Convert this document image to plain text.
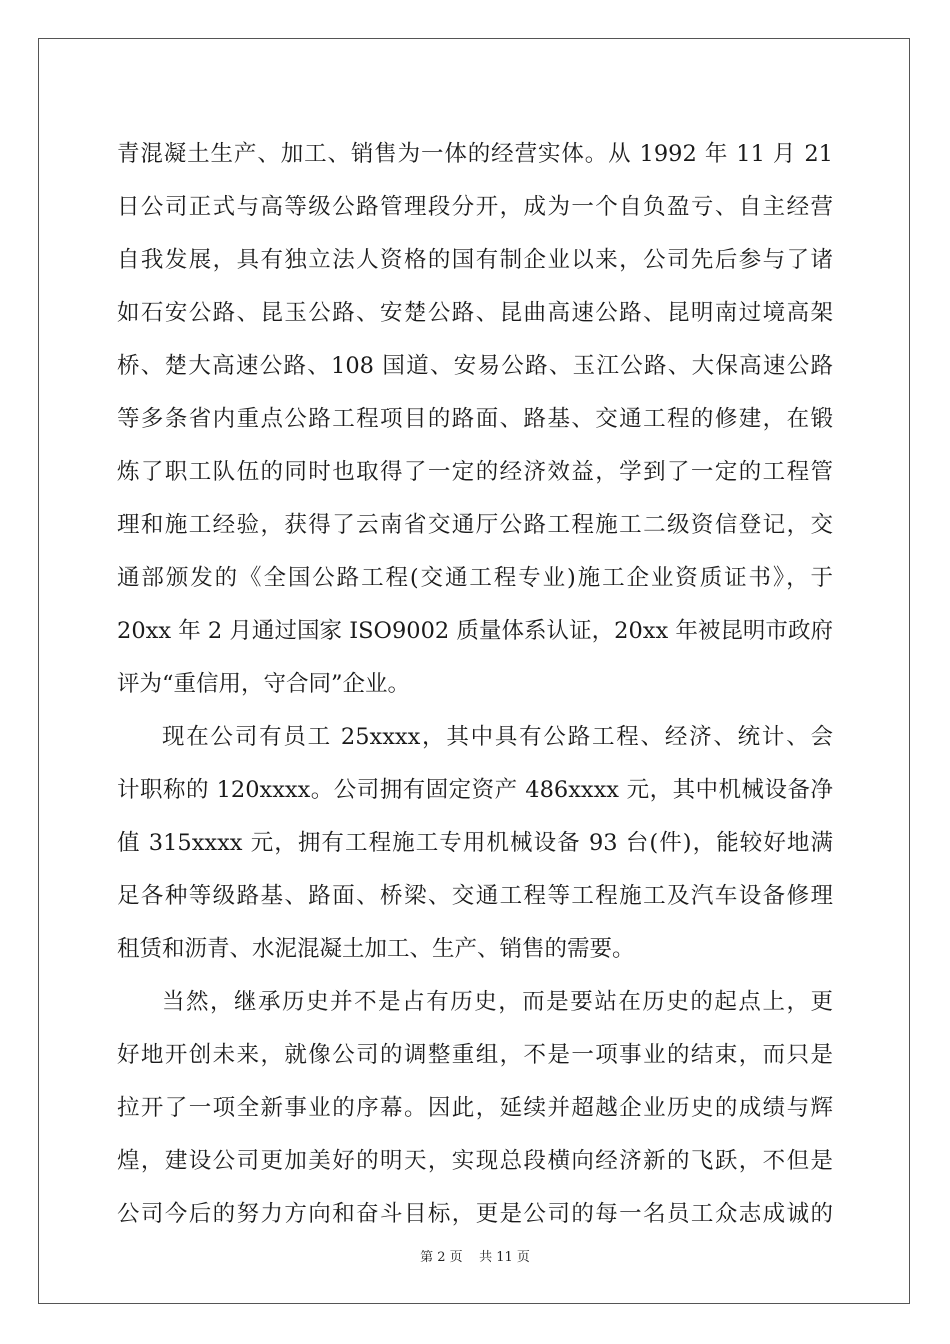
青混凝土生产、加工、销售为一体的经营实体。从 1992 年 11 月 21
日公司正式与高等级公路管理段分开，成为一个自负盈亏、自主经营
自我发展，具有独立法人资格的国有制企业以来，公司先后参与了诸
如石安公路、昆玉公路、安楚公路、昆曲高速公路、昆明南过境高架
桥、楚大高速公路、108 国道、安易公路、玉江公路、大保高速公路
等多条省内重点公路工程项目的路面、路基、交通工程的修建，在锻
炼了职工队伍的同时也取得了一定的经济效益，学到了一定的工程管
理和施工经验，获得了云南省交通厅公路工程施工二级资信登记，交
通部颁发的《全国公路工程(交通工程专业)施工企业资质证书》，于
20xx 年 2 月通过国家 ISO9002 质量体系认证，20xx 年被昆明市政府
评为“重信用，守合同”企业。
现在公司有员工 25xxxx，其中具有公路工程、经济、统计、会
计职称的 120xxxx。公司拥有固定资产 486xxxx 元，其中机械设备净
值 315xxxx 元，拥有工程施工专用机械设备 93 台(件)，能较好地满
足各种等级路基、路面、桥梁、交通工程等工程施工及汽车设备修理
租赁和沥青、水泥混凝土加工、生产、销售的需要。
当然，继承历史并不是占有历史，而是要站在历史的起点上，更
好地开创未来，就像公司的调整重组，不是一项事业的结束，而只是
拉开了一项全新事业的序幕。因此，延续并超越企业历史的成绩与辉
煌，建设公司更加美好的明天，实现总段横向经济新的飞跃，不但是
公司今后的努力方向和奋斗目标，更是公司的每一名员工众志成诚的
第 2 页    共 11 页
